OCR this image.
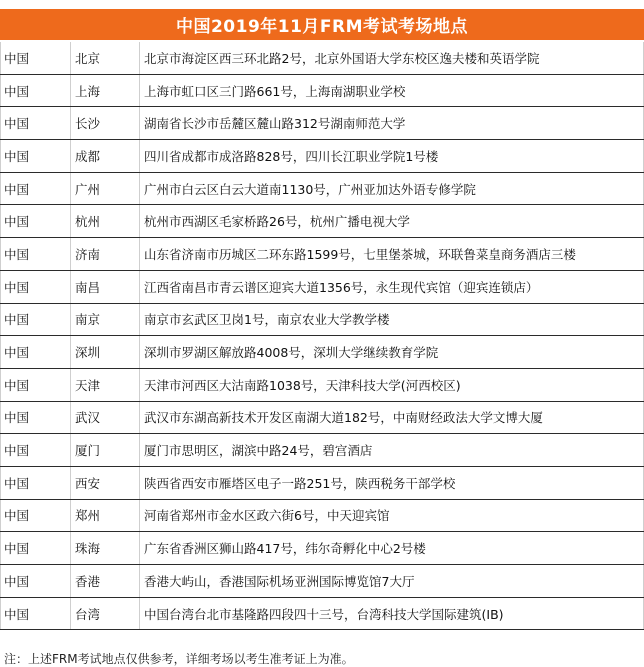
中国2019年11月FRM考试考场地点
中国	北京	北京市海淀区西三环北路2号，北京外国语大学东校区逸夫楼和英语学院
中国	上海	上海市虹口区三门路661号，上海南湖职业学校
中国	长沙	湖南省长沙市岳麓区麓山路312号湖南师范大学
中国	成都	四川省成都市成洛路828号，四川长江职业学院1号楼
中国	广州	广州市白云区白云大道南1130号，广州亚加达外语专修学院
中国	杭州	杭州市西湖区毛家桥路26号，杭州广播电视大学
中国	济南	山东省济南市历城区二环东路1599号，七里堡茶城，环联鲁菜皇商务酒店三楼
中国	南昌	江西省南昌市青云谱区迎宾大道1356号，永生现代宾馆（迎宾连锁店）
中国	南京	南京市玄武区卫岗1号，南京农业大学教学楼
中国	深圳	深圳市罗湖区解放路4008号，深圳大学继续教育学院
中国	天津	天津市河西区大沽南路1038号，天津科技大学(河西校区)
中国	武汉	武汉市东湖高新技术开发区南湖大道182号，中南财经政法大学文博大厦
中国	厦门	厦门市思明区，湖滨中路24号，碧宫酒店
中国	西安	陕西省西安市雁塔区电子一路251号，陕西税务干部学校
中国	郑州	河南省郑州市金水区政六街6号，中天迎宾馆
中国	珠海	广东省香洲区狮山路417号，纬尔奇孵化中心2号楼
中国	香港	香港大屿山，香港国际机场亚洲国际博览馆7大厅
中国	台湾	中国台湾台北市基隆路四段四十三号，台湾科技大学国际建筑(IB)
注：上述FRM考试地点仅供参考，详细考场以考生准考证上为准。
